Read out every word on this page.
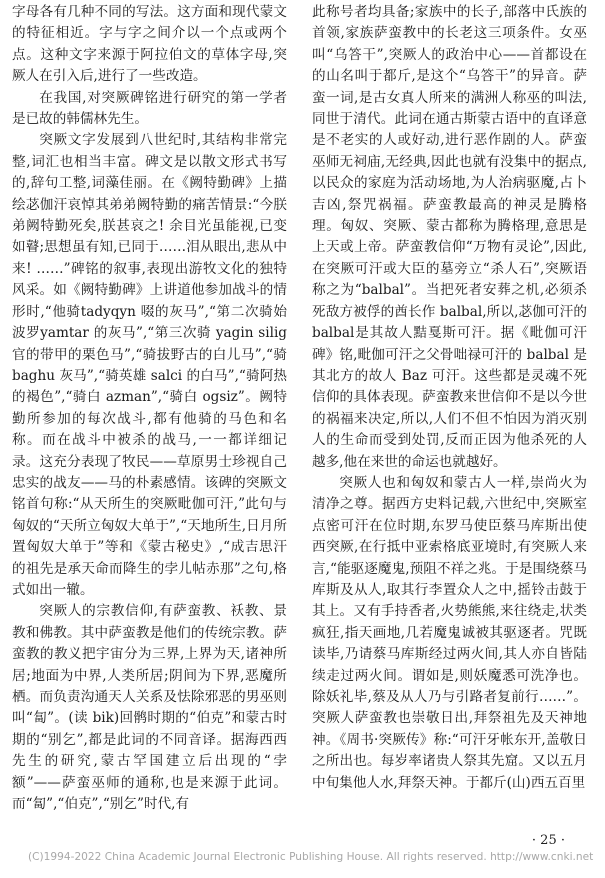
字母各有几种不同的写法。这方面和现代蒙文的特征相近。字与字之间介以一个点或两个点。这种文字来源于阿拉伯文的草体字母,突厥人在引入后,进行了一些改造。

在我国,对突厥碑铭进行研究的第一学者是已故的韩儒林先生。

突厥文字发展到八世纪时,其结构非常完整,词汇也相当丰富。碑文是以散文形式书写的,辞句工整,词藻佳丽。在《阙特勤碑》上描绘苾伽汗哀悼其弟弟阙特勤的痛苦情景:“今朕弟阙特勤死矣,朕甚哀之! 余目光虽能视,已变如瞽;思想虽有知,已同于……泪从眼出,悲从中来! ……”碑铭的叙事,表现出游牧文化的独特风采。如《阙特勤碑》上讲道他参加战斗的情形时,“他骑tadyqyn 啜的灰马”,“第二次骑始波罗yamtar 的灰马”,“第三次骑 yagin silig 官的带甲的栗色马”,“骑拔野古的白儿马”,“骑baghu 灰马”,“骑英雄 salci 的白马”,“骑阿热的褐色”,“骑白 azman”,“骑白 ogsiz”。阙特勤所参加的每次战斗,都有他骑的马色和名称。而在战斗中被杀的战马,一一都详细记录。这充分表现了牧民——草原男士珍视自己忠实的战友——马的朴素感情。该碑的突厥文铭首句称:“从天所生的突厥毗伽可汗,”此句与匈奴的“天所立匈奴大单于”,“天地所生,日月所置匈奴大单于”等和《蒙古秘史》,“成吉思汗的祖先是承天命而降生的孛儿帖赤那”之句,格式如出一辙。

突厥人的宗教信仰,有萨蛮教、袄教、景教和佛教。其中萨蛮教是他们的传统宗教。萨蛮教的教义把宇宙分为三界,上界为天,诸神所居;地面为中界,人类所居;阴间为下界,恶魔所栖。而负责沟通天人关系及怯除邪恶的男巫则叫“匐”。(读 bik)回鹘时期的“伯克”和蒙古时期的“别乞”,都是此词的不同音译。据海西西先生的研究,蒙古罕国建立后出现的“孛额”——萨蛮巫师的通称,也是来源于此词。而“匐”,“伯克”,“别乞”时代,有

此称号者均具备;家族中的长子,部落中氏族的首领,家族萨蛮教中的长老这三项条件。女巫叫“乌答干”,突厥人的政治中心——首都设在的山名叫于都斤,是这个“乌答干”的异音。萨蛮一词,是古女真人所来的满洲人称巫的叫法,同世于清代。此词在通古斯蒙古语中的直译意是不老实的人或好动,进行恶作剧的人。萨蛮巫师无祠庙,无经典,因此也就有没集中的据点,以民众的家庭为活动场地,为人治病驱魔,占卜吉凶,祭咒祸福。萨蛮教最高的神灵是腾格理。匈奴、突厥、蒙古都称为腾格理,意思是上天或上帝。萨蛮教信仰“万物有灵论”,因此,在突厥可汗或大臣的墓旁立“杀人石”,突厥语称之为“balbal”。当把死者安葬之机,必须杀死敌方被俘的酋长作 balbal,所以,苾伽可汗的 balbal是其故人黠戛斯可汗。据《毗伽可汗碑》铭,毗伽可汗之父骨咄禄可汗的 balbal 是其北方的故人 Baz 可汗。这些都是灵魂不死信仰的具体表现。萨蛮教来世信仰不是以今世的祸福来决定,所以,人们不但不怕因为消灭别人的生命而受到处罚,反而正因为他杀死的人越多,他在来世的命运也就越好。

突厥人也和匈奴和蒙古人一样,崇尚火为清净之尊。据西方史料记载,六世纪中,突厥室点密可汗在位时期,东罗马使臣蔡马库斯出使西突厥,在行抵中亚索格底亚境时,有突厥人来言,“能驱逐魔鬼,预阻不祥之兆。于是围绕蔡马库斯及从人,取其行李置众人之中,摇铃击鼓于其上。又有手持香者,火势熊熊,来往绕走,状类疯狂,指天画地,几若魔鬼诚被其驱逐者。咒既读毕,乃请蔡马库斯经过两火间,其人亦自皆陆续走过两火间。谓如是,则妖魔悉可洗净也。除妖礼毕,蔡及从人乃与引路者复前行……”。突厥人萨蛮教也崇敬日出,拜祭祖先及天神地神。《周书·突厥传》称:“可汗牙帐东开,盖敬日之所出也。每岁率诸贵人祭其先窟。又以五月中旬集他人水,拜祭天神。于都斤(山)西五百里

· 25 ·
(C)1994-2022 China Academic Journal Electronic Publishing House. All rights reserved. http://www.cnki.net
